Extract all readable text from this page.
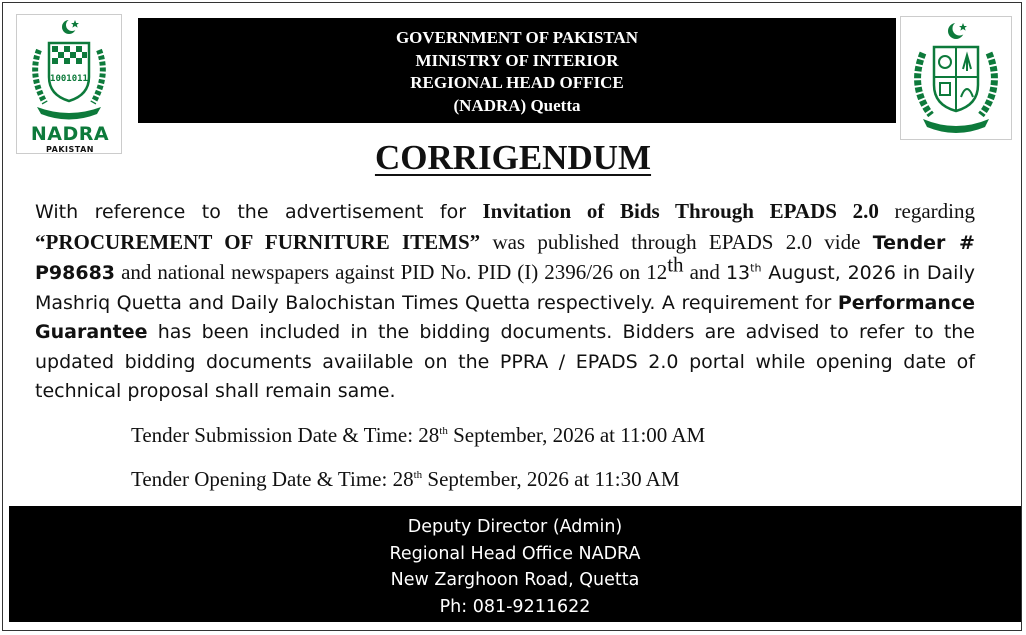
1001011
NADRA
PAKISTAN
GOVERNMENT OF PAKISTAN
MINISTRY OF INTERIOR
REGIONAL HEAD OFFICE
(NADRA) Quetta
CORRIGENDUM
With reference to the advertisement for Invitation of Bids Through EPADS 2.0 regarding “PROCUREMENT OF FURNITURE ITEMS” was published through EPADS 2.0 vide Tender # P98683 and national newspapers against PID No. PID (I) 2396/26 on 12th and 13th August, 2026 in Daily Mashriq Quetta and Daily Balochistan Times Quetta respectively. A requirement for Performance Guarantee has been included in the bidding documents. Bidders are advised to refer to the updated bidding documents avaiilable on the PPRA / EPADS 2.0 portal while opening date of technical proposal shall remain same.
Tender Submission Date & Time: 28th September, 2026 at 11:00 AM
Tender Opening Date & Time: 28th September, 2026 at 11:30 AM
Deputy Director (Admin)
Regional Head Office NADRA
New Zarghoon Road, Quetta
Ph: 081-9211622
